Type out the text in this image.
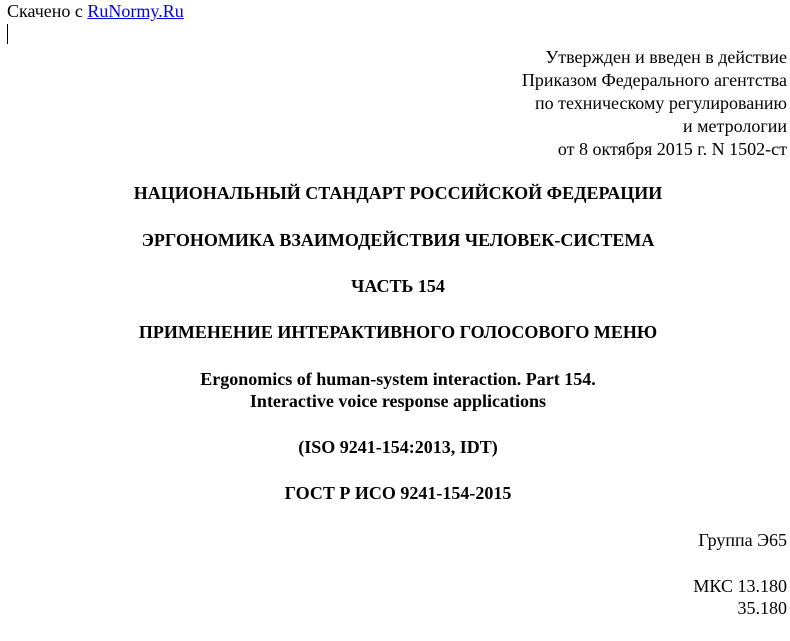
Скачено с RuNormy.Ru
Утвержден и введен в действие
Приказом Федерального агентства
по техническому регулированию
и метрологии
от 8 октября 2015 г. N 1502-ст
НАЦИОНАЛЬНЫЙ СТАНДАРТ РОССИЙСКОЙ ФЕДЕРАЦИИ
ЭРГОНОМИКА ВЗАИМОДЕЙСТВИЯ ЧЕЛОВЕК-СИСТЕМА
ЧАСТЬ 154
ПРИМЕНЕНИЕ ИНТЕРАКТИВНОГО ГОЛОСОВОГО МЕНЮ
Ergonomics of human-system interaction. Part 154.
Interactive voice response applications
(ISO 9241-154:2013, IDT)
ГОСТ Р ИСО 9241-154-2015
Группа Э65
МКС 13.180
35.180
